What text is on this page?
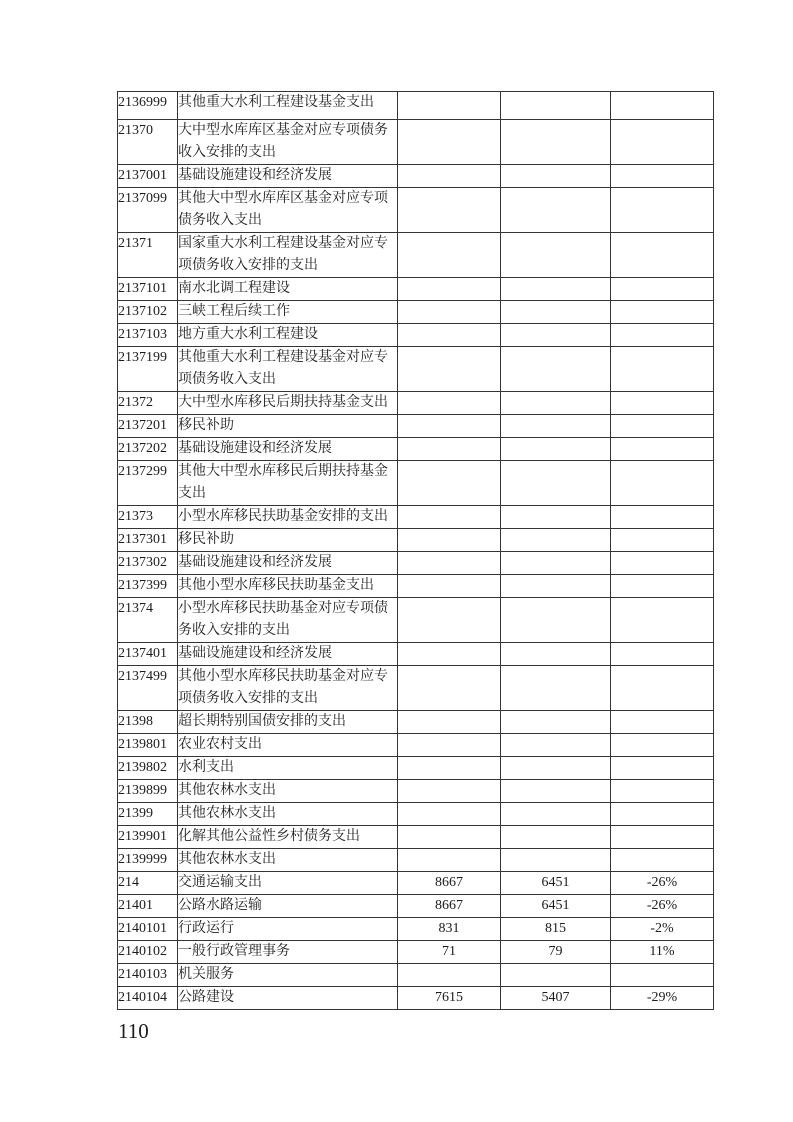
2136999	其他重大水利工程建设基金支出			
21370	大中型水库库区基金对应专项债务收入安排的支出			
2137001	基础设施建设和经济发展			
2137099	其他大中型水库库区基金对应专项债务收入支出			
21371	国家重大水利工程建设基金对应专项债务收入安排的支出			
2137101	南水北调工程建设			
2137102	三峡工程后续工作			
2137103	地方重大水利工程建设			
2137199	其他重大水利工程建设基金对应专项债务收入支出			
21372	大中型水库移民后期扶持基金支出			
2137201	移民补助			
2137202	基础设施建设和经济发展			
2137299	其他大中型水库移民后期扶持基金支出			
21373	小型水库移民扶助基金安排的支出			
2137301	移民补助			
2137302	基础设施建设和经济发展			
2137399	其他小型水库移民扶助基金支出			
21374	小型水库移民扶助基金对应专项债务收入安排的支出			
2137401	基础设施建设和经济发展			
2137499	其他小型水库移民扶助基金对应专项债务收入安排的支出			
21398	超长期特别国债安排的支出			
2139801	农业农村支出			
2139802	水利支出			
2139899	其他农林水支出			
21399	其他农林水支出			
2139901	化解其他公益性乡村债务支出			
2139999	其他农林水支出			
214	交通运输支出	8667	6451	-26%
21401	公路水路运输	8667	6451	-26%
2140101	行政运行	831	815	-2%
2140102	一般行政管理事务	71	79	11%
2140103	机关服务			
2140104	公路建设	7615	5407	-29%
110
